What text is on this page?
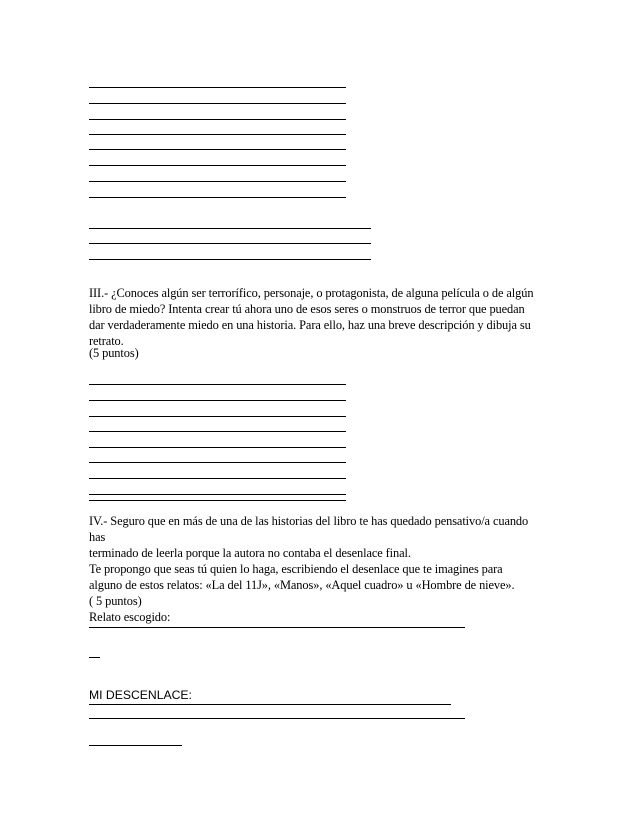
III.- ¿Conoces algún ser terrorífico, personaje, o protagonista, de alguna película o de algún
libro de miedo? Intenta crear tú ahora uno de esos seres o monstruos de terror que puedan
dar verdaderamente miedo en una historia. Para ello, haz una breve descripción y dibuja su
retrato.
(5 puntos)
IV.- Seguro que en más de una de las historias del libro te has quedado pensativo/a cuando
has
terminado de leerla porque la autora no contaba el desenlace final.
Te propongo que seas tú quien lo haga, escribiendo el desenlace que te imagines para
alguno de estos relatos: «La del 11J», «Manos», «Aquel cuadro» u «Hombre de nieve».
( 5 puntos)
Relato escogido:
MI DESCENLACE:
